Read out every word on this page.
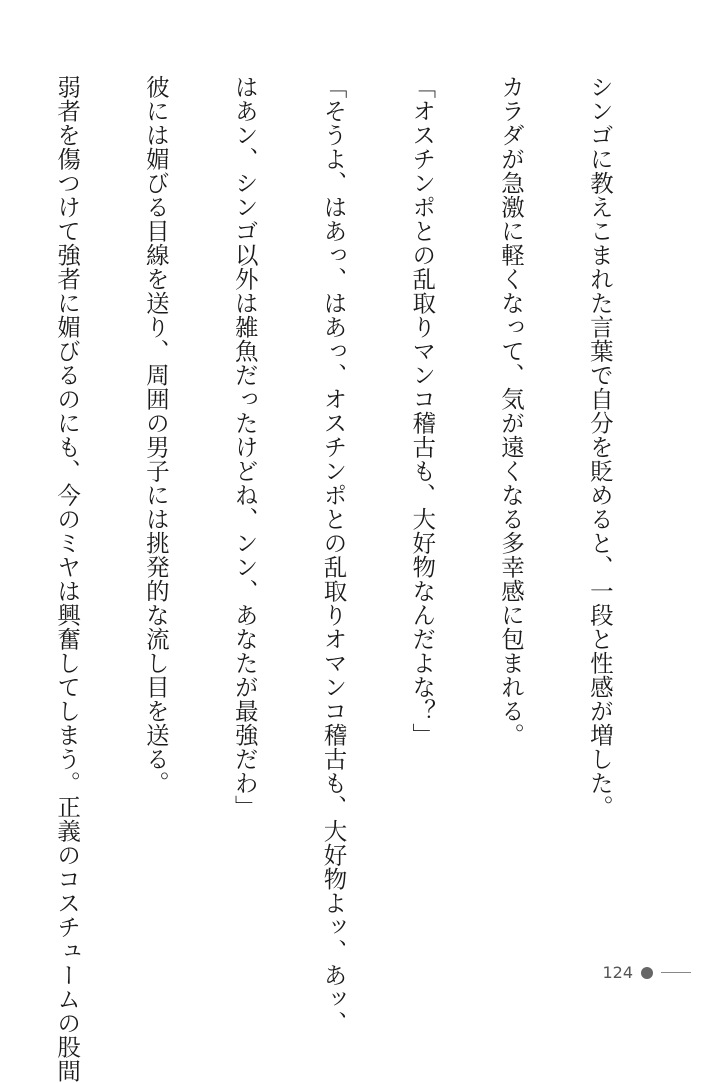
シンゴに教えこまれた言葉で自分を貶めると、一段と性感が増した。

カラダが急激に軽くなって、気が遠くなる多幸感に包まれる。

「オスチンポとの乱取りマンコ稽古も、大好物なんだよな？」

「そうよ、はあっ、はあっ、オスチンポとの乱取りオマンコ稽古も、大好物よッ、あッ、

はあン、シンゴ以外は雑魚だったけどね、ンン、あなたが最強だわ」

彼には媚びる目線を送り、周囲の男子には挑発的な流し目を送る。

弱者を傷つけて強者に媚びるのにも、今のミヤは興奮してしまう。正義のコスチュームの股間

	124
